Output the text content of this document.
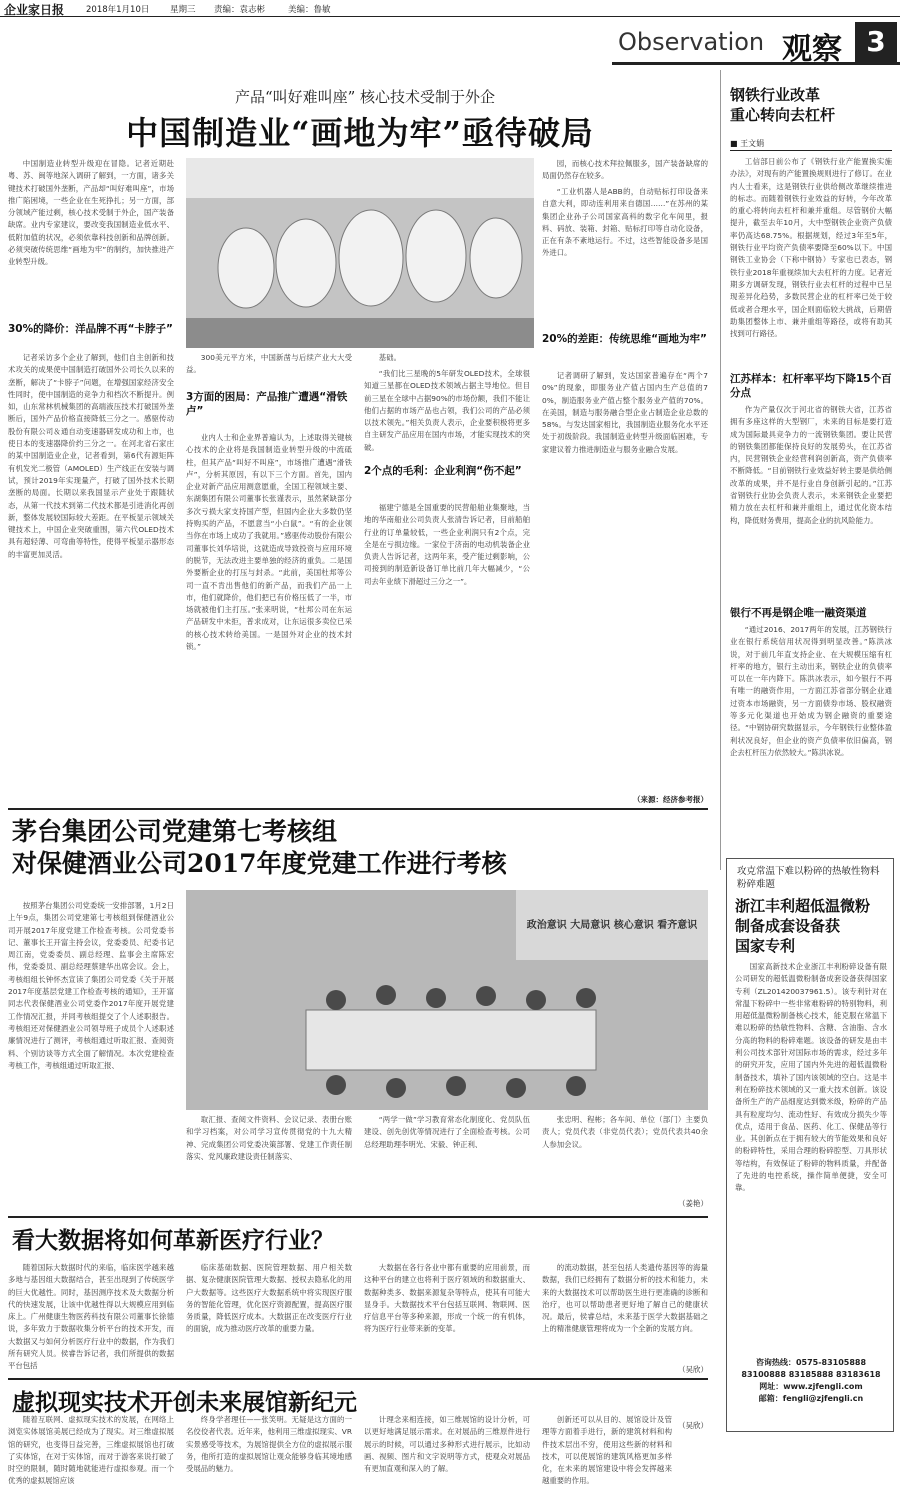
企业家日报	2018年1月10日 星期三 责编：袁志彬	美编：鲁敏
Observation 观察 3
产品“叫好难叫座” 核心技术受制于外企
中国制造业“画地为牢”亟待破局

中国制造业转型升级迎在冒隐。记者近期赴粤、苏、闽等地深入调研了解到，一方面，诸多关键技术打破国外垄断，产品却“叫好难叫座”，市场推广陷困境，一些企业在生死挣扎；另一方面，部分领域产能过剩，核心技术受制于外企，国产装备缺席。业内专家建议，要改变我国制造业低水平、低附加值的状况，必须依靠科技创新和品牌创新。必须突破传统思维“画地为牢”的制约，加快推进产业转型升级。

30%的降价：洋品牌不再“卡脖子”

记者采访多个企业了解到，他们自主创新和技术攻关的成果使中国制造打破国外公司长久以来的垄断，解决了“卡脖子”问题，在增强国家经济安全性同时，使中国制造的竞争力和档次不断提升。例如，山东常林机械集团的高端液压技术打破国外垄断后，国外产品价格直接降低三分之一。感驱传动股份有限公司＆通自动变速器研发成功和上市，也使日本的变速器降价约三分之一。在河北省石家庄的某中国制造业企业，记者看到，第6代有源矩阵有机发光二极管（AMOLED）生产线正在安装与调试，预计2019年实现量产，打破了国外技术长期垄断的局面。长期以来我国显示产业处于跟随状态，从第一代技术到第二代技术都是引进消化再创新，整体发展较国际较大差距。在平板显示领域关键技术上，中国企业突破重围，第六代OLED技术具有超轻薄、可弯曲等特性，使得平板显示器形态的丰富更加灵活。

300美元平方米，中国新凿与后续产业大大受益。

3方面的困局：产品推广遭遇“滑铁卢”

业内人士和企业界普遍认为，上述取得关键核心技术的企业将是我国制造业转型升级的中流砥柱，但其产品“叫好不叫座”，市场推广遭遇“滑铁卢”，分析其原因，有以下三个方面。首先，国内企业对新产品应用测意愿重，全国工程领域主要、东湖集团有限公司董事长张谨表示，虽然紧缺部分多次亏损大家支持国产型，但国内企业大多数仍坚持购买的产品，不愿意当“小白鼠”。“有的企业领当你在市场上成功了我就用。”感驱传动股份有限公司董事长刘华培说，这就造成导致投资与应用环境的脱节，无法改进主要单独的经济的重负。二是国外要断企业的打压与封杀。“此前，美国杜邦等公司一直不肯出售他们的新产品，而我们产品一上市，他们就降价，他们把已有价格压低了一半，市场就被他们主打压。”张来明说，“杜邦公司在东运产品研发中未拒，普求成对，让东运很多卖位已采的核心技术转给美国。一是国外对企业的技术封锁。”

基础。

“我们比三星晚的5年研发OLED技术，全球很知道三星都在OLED技术领域占据主导地位。但目前三星在全球中占据90%的市场份额，我们不能让他们占据的市场产品也占领，我们公司的产品必须以技术领先。”相关负责人表示，企业要积极将更多自主研发产品应用在国内市场，才能实现技术的突破。

2个点的毛利：企业利润“伤不起”

福建宁德是全国重要的民营船舶业集聚地，当地的华南船业公司负责人张清告诉记者，目前船舶行业的订单量较低，一些企业利润只有2个点，完全是在亏损边缘。一家位于济南的电动机装备企业负责人告诉记者，这两年来，受产能过剩影响，公司接到的制造新设备订单比前几年大幅减少，“公司去年业绩下滑超过三分之一”。

园，而核心技术拜拉佩服多，国产装备缺席的局面仍然存在较多。

“工业机器人是ABB的，自动贴标打印设备来自意大利，即动连利用来自德国……”在苏州的某集团企业孙子公司国家高科的数字化车间里，报料、码放、装箱、封箱、贴标打印等自动化设备，正在有条不紊地运行。不过，这些智能设备多是国外进口。

20%的差距：传统思维“画地为牢”

记者调研了解到，发达国家普遍存在“两个70%”的现象，即服务业产值占国内生产总值的70%，制造服务业产值占整个服务业产值的70%。在美国，制造与服务融合型企业占制造企业总数的58%。与发达国家相比，我国制造业服务化水平还处于初级阶段。我国制造业转型升级面临困难，专家建议着力推进制造业与服务业融合发展。

（来源：经济参考报）
钢铁行业改革
重心转向去杠杆
■ 王文娟

工信部日前公布了《钢铁行业产能置换实施办法》，对现有的产能置换规则进行了修订。在业内人士看来，这是钢铁行业供给侧改革继续推进的标志。而随着钢铁行业效益的好转，今年改革的重心将转向去杠杆和兼并重组。尽管钢价大幅提升，截至去年10月，大中型钢铁企业资产负债率仍高达68.75%。根据规划，经过3年至5年，钢铁行业平均资产负债率要降至60%以下。中国钢铁工业协会（下称中钢协）专家也已表态，钢铁行业2018年重视续加大去杠杆的力度。记者近期多方调研发现，钢铁行业去杠杆的过程中已呈现差异化趋势，多数民营企业的杠杆率已处于较低或者合理水平，国企则面临较大挑战，后期借助集团整体上市、兼并重组等路径，或将有助其找到可行路径。

江苏样本：杠杆率平均下降15个百分点

作为产量仅次于河北省的钢铁大省，江苏省拥有多座这样的大型钢厂，未来的目标是要打造成为国际最具竞争力的一流钢铁集团。要让民营的钢铁集团都能保持良好的发展势头，在江苏省内，民营钢铁企业经营利润创新高，资产负债率不断降低。“目前钢铁行业效益好转主要是供给侧改革的成果，并不是行业自身创新引起的。”江苏省钢铁行业协会负责人表示，未来钢铁企业要把精力放在去杠杆和兼并重组上，通过优化资本结构，降低财务费用，提高企业的抗风险能力。

银行不再是钢企唯一融资渠道

“通过2016、2017两年的发展，江苏钢铁行业在银行系统信用状况得到明显改善。”陈洪冰说，对于前几年直支持企业、在大规模压缩有杠杆率的地方，银行主动出来，钢铁企业的负债率可以在一年内降下。陈洪冰表示，如今银行不再有唯一的融资作用，一方面江苏省部分钢企业通过资本市场融资，另一方面债券市场、股权融资等多元化渠道也开始成为钢企融资的重要途径。“中钢协研究数据显示，今年钢铁行业整体盈利状况良好，但企业的资产负债率依旧偏高，钢企去杠杆压力依然较大。”陈洪冰说。

茅台集团公司党建第七考核组
对保健酒业公司2017年度党建工作进行考核

按照茅台集团公司党委统一安排部署，1月2日上午9点，集团公司党建第七考核组到保健酒业公司开展2017年度党建工作检查考核。公司党委书记、董事长王开富主持会议，党委委员、纪委书记周江南，党委委员、副总经理、监事会主席陈宏伟，党委委员、副总经理蔡建华出席会议。会上，考核组组长钟怀杰宣读了集团公司党委《关于开展2017年度基层党建工作检查考核的通知》，王开富同志代表保健酒业公司党委作2017年度开展党建工作情况汇报，并同考核组提交了个人述职报告。考核组还对保健酒业公司领导班子成员个人述职述廉情况进行了测评，考核组通过听取汇报、查阅资料、个别访谈等方式全面了解情况。本次党建检查考核工作，考核组通过听取汇报、

政治意识 大局意识 核心意识 看齐意识

取汇报、查阅文件资料、会议记录、表册台账和学习档案，对公司学习宣传贯彻党的十九大精神、完成集团公司党委决策部署、党建工作责任制落实、党风廉政建设责任制落实、

“两学一做”学习教育常态化制度化、党员队伍建设、创先创优等情况进行了全面检查考核。公司总经理助理李明光、宋毅、钟正利、

张忠明、程彬；各车间、单位（部门）主要负责人；党员代表（非党员代表）；党员代表共40余人参加会议。

（姜艳）
看大数据将如何革新医疗行业？

随着国际大数据时代的来临，临床医学越来越多地与基因组大数据结合，甚至出现到了传统医学的巨大优越性。同时，基因测序技术及大数据分析代的快速发展，让该中优越性得以大规模应用到临床上。广州健康生物医药科技有限公司董事长徐德说，多年致力于数据收集分析平台的技术开发，而大数据又与如何分析医疗行业中的数据，作为我们所有研究人员。侯睿告诉记者，我们所提供的数据平台包括

临床基础数据、医院管理数据、用户相关数据、复杂健康医院管理大数据、授权去隐私化的用户大数据等。这些医疗大数据系统中将实现医疗服务的智能化管理，优化医疗资源配置，提高医疗服务质量，降低医疗成本。大数据正在改变医疗行业的面貌，成为推动医疗改革的重要力量。

大数据在各行各业中都有重要的应用前景，而这种平台的建立也将利于医疗领域的和数据重大、数据种类多、数据来源复杂等特点，使其有可能大显身手。大数据技术平台包括互联网、物联网、医疗信息平台等多种来源，形成一个统一的有机体，将为医疗行业带来新的变革。

的流动数据，甚至包括人类遗传基因等的海量数据，我们已经拥有了数据分析的技术和能力，未来的大数据技术可以帮助医生进行更准确的诊断和治疗，也可以帮助患者更好地了解自己的健康状况。最后，侯睿总结，未来基于医学大数据基础之上的精准健康管理将成为一个全新的发展方向。

（吴欣）
虚拟现实技术开创未来展馆新纪元

随着互联网、虚拟现实技术的发展，在网络上浏览实体展馆美展已经成为了现实。对三维虚拟展馆的研究，也变得日益完善，三维虚拟展馆也打破了实体馆，在对于实体馆，而对于游客来说打破了时空的限制，随时随地就能进行虚拟参观。而一个优秀的虚拟展馆应该

终身学者理任——张笑明。无疑是这方面的一名佼佼者代表。近年来，他利用三维虚拟现实、VR实景感受等技术，为展馆提供全方位的虚拟展示服务，他所打造的虚拟展馆让观众能够身临其境地感受展品的魅力。

计理念来相连接，如三维展馆的设计分析，可以更好地满足展示需求。在对展品的三维原件进行展示的时候，可以通过多种形式进行展示，比如动画、视频、图片和文字说明等方式，使观众对展品有更加直观和深入的了解。

创新还可以从目的、展馆设计及管理等方面着手进行，新的建筑材料和构件技术层出不穷，使用这些新的材料和技术，可以使展馆的建筑风格更加多样化，在未来的展馆建设中将会发挥越来越重要的作用。

（吴欣）
攻克常温下难以粉碎的热敏性物料粉碎难题
浙江丰利超低温微粉
制备成套设备获
国家专利

国家高新技术企业浙江丰利粉碎设备有限公司研发的超低温微粉制备成套设备获得国家专利（ZL201420037961.5）。该专利针对在常温下粉碎中一些非常难粉碎的特别物料，利用超低温微粉制备核心技术，能克服在常温下难以粉碎的热敏性物料、含糖、含油脂、含水分高的物料的粉碎难题。该设备的研发是由丰利公司技术部针对国际市场的需求，经过多年的研究开发，应用了国内外先进的超低温微粉制备技术，填补了国内该领域的空白。这是丰利在粉碎技术领域的又一重大技术创新。该设备所生产的产品细度达到微米级，粉碎的产品具有粒度均匀、流动性好、有效成分损失少等优点，适用于食品、医药、化工、保健品等行业。其创新点在于拥有较大的节能效果和良好的粉碎特性，采用合理的粉碎腔型、刀具形状等结构，有效保证了粉碎的物料质量，并配备了先进的电控系统，操作简单便捷，安全可靠。

咨询热线：0575-83105888
83100888 83185888 83183618
网址：www.zjfengli.com
邮箱：fengli@zjfengli.cn
